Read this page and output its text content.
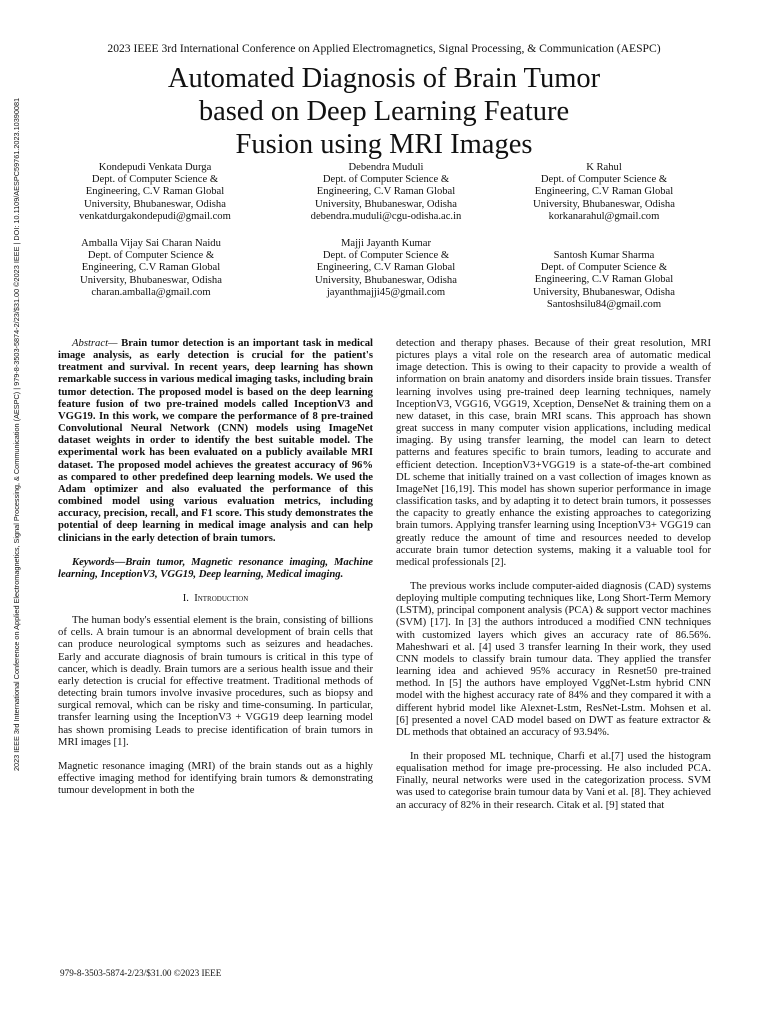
2023 IEEE 3rd International Conference on Applied Electromagnetics, Signal Processing, & Communication (AESPC)
Automated Diagnosis of Brain Tumor
based on Deep Learning Feature
Fusion using MRI Images
2023 IEEE 3rd International Conference on Applied Electromagnetics, Signal Processing, & Communication (AESPC) | 979-8-3503-5874-2/23/$31.00 ©2023 IEEE | DOI: 10.1109/AESPC59761.2023.10390081	Kondepudi Venkata Durga
Dept. of Computer Science &
Engineering, C.V Raman Global
University, Bhubaneswar, Odisha
venkatdurgakondepudi@gmail.com
Debendra Muduli
Dept. of Computer Science &
Engineering, C.V Raman Global
University, Bhubaneswar, Odisha
debendra.muduli@cgu-odisha.ac.in
K Rahul
Dept. of Computer Science &
Engineering, C.V Raman Global
University, Bhubaneswar, Odisha
korkanarahul@gmail.com
Amballa Vijay Sai Charan Naidu
Dept. of Computer Science &
Engineering, C.V Raman Global
University, Bhubaneswar, Odisha
charan.amballa@gmail.com
Majji Jayanth Kumar
Dept. of Computer Science &
Engineering, C.V Raman Global
University, Bhubaneswar, Odisha
jayanthmajji45@gmail.com
Santosh Kumar Sharma
Dept. of Computer Science &
Engineering, C.V Raman Global
University, Bhubaneswar, Odisha
Santoshsilu84@gmail.com

Abstract— Brain tumor detection is an important task in medical image analysis, as early detection is crucial for the patient's treatment and survival. In recent years, deep learning has shown remarkable success in various medical imaging tasks, including brain tumor detection. The proposed model is based on the deep learning feature fusion of two pre-trained models called InceptionV3 and VGG19. In this work, we compare the performance of 8 pre-trained Convolutional Neural Network (CNN) models using ImageNet dataset weights in order to identify the best suitable model. The experimental work has been evaluated on a publicly available MRI dataset. The proposed model achieves the greatest accuracy of 96% as compared to other predefined deep learning models. We used the Adam optimizer and also evaluated the performance of this combined model using various evaluation metrics, including accuracy, precision, recall, and F1 score. This study demonstrates the potential of deep learning in medical image analysis and can help clinicians in the early detection of brain tumors.

Keywords—Brain tumor, Magnetic resonance imaging, Machine learning, InceptionV3, VGG19, Deep learning, Medical imaging.

I. Introduction

The human body's essential element is the brain, consisting of billions of cells. A brain tumour is an abnormal development of brain cells that can produce neurological symptoms such as seizures and headaches. Early and accurate diagnosis of brain tumours is critical in this type of cancer, which is deadly. Brain tumors are a serious health issue and their early detection is crucial for effective treatment. Traditional methods of detecting brain tumors involve invasive procedures, such as biopsy and surgical removal, which can be risky and time-consuming. In particular, transfer learning using the InceptionV3 + VGG19 deep learning model has shown promising Leads to precise identification of brain tumors in MRI images [1].

Magnetic resonance imaging (MRI) of the brain stands out as a highly effective imaging method for identifying brain tumors & demonstrating tumour development in both the

detection and therapy phases. Because of their great resolution, MRI pictures plays a vital role on the research area of automatic medical image detection. This is owing to their capacity to provide a wealth of information on brain anatomy and disorders inside brain tissues. Transfer learning involves using pre-trained deep learning techniques, namely InceptionV3, VGG16, VGG19, Xception, DenseNet & training them on a new dataset, in this case, brain MRI scans. This approach has shown great success in many computer vision applications, including medical imaging. By using transfer learning, the model can learn to detect patterns and features specific to brain tumors, leading to accurate and efficient detection. InceptionV3+VGG19 is a state-of-the-art combined DL scheme that initially trained on a vast collection of images known as ImageNet [16,19]. This model has shown superior performance in image classification tasks, and by adapting it to detect brain tumors, it possesses the capacity to greatly enhance the existing approaches to categorizing brain tumors. Applying transfer learning using InceptionV3+ VGG19 can greatly reduce the amount of time and resources needed to develop accurate brain tumor detection systems, making it a valuable tool for medical professionals [2].

The previous works include computer-aided diagnosis (CAD) systems deploying multiple computing techniques like, Long Short-Term Memory (LSTM), principal component analysis (PCA) & support vector machines (SVM) [17]. In [3] the authors introduced a modified CNN techniques with customized layers which gives an accuracy rate of 86.56%. Maheshwari et al. [4] used 3 transfer learning In their work, they used CNN models to classify brain tumour data. They applied the transfer learning idea and achieved 95% accuracy in Resnet50 pre-trained method. In [5] the authors have employed VggNet-Lstm hybrid CNN model with the highest accuracy rate of 84% and they compared it with a different hybrid model like Alexnet-Lstm, ResNet-Lstm. Mohsen et al. [6] presented a novel CAD model based on DWT as feature extractor & DL methods that obtained an accuracy of 93.94%.

In their proposed ML technique, Charfi et al.[7] used the histogram equalisation method for image pre-processing. He also included PCA. Finally, neural networks were used in the categorization process. SVM was used to categorise brain tumour data by Vani et al. [8]. They achieved an accuracy of 82% in their research. Citak et al. [9] stated that

979-8-3503-5874-2/23/$31.00 ©2023 IEEE
